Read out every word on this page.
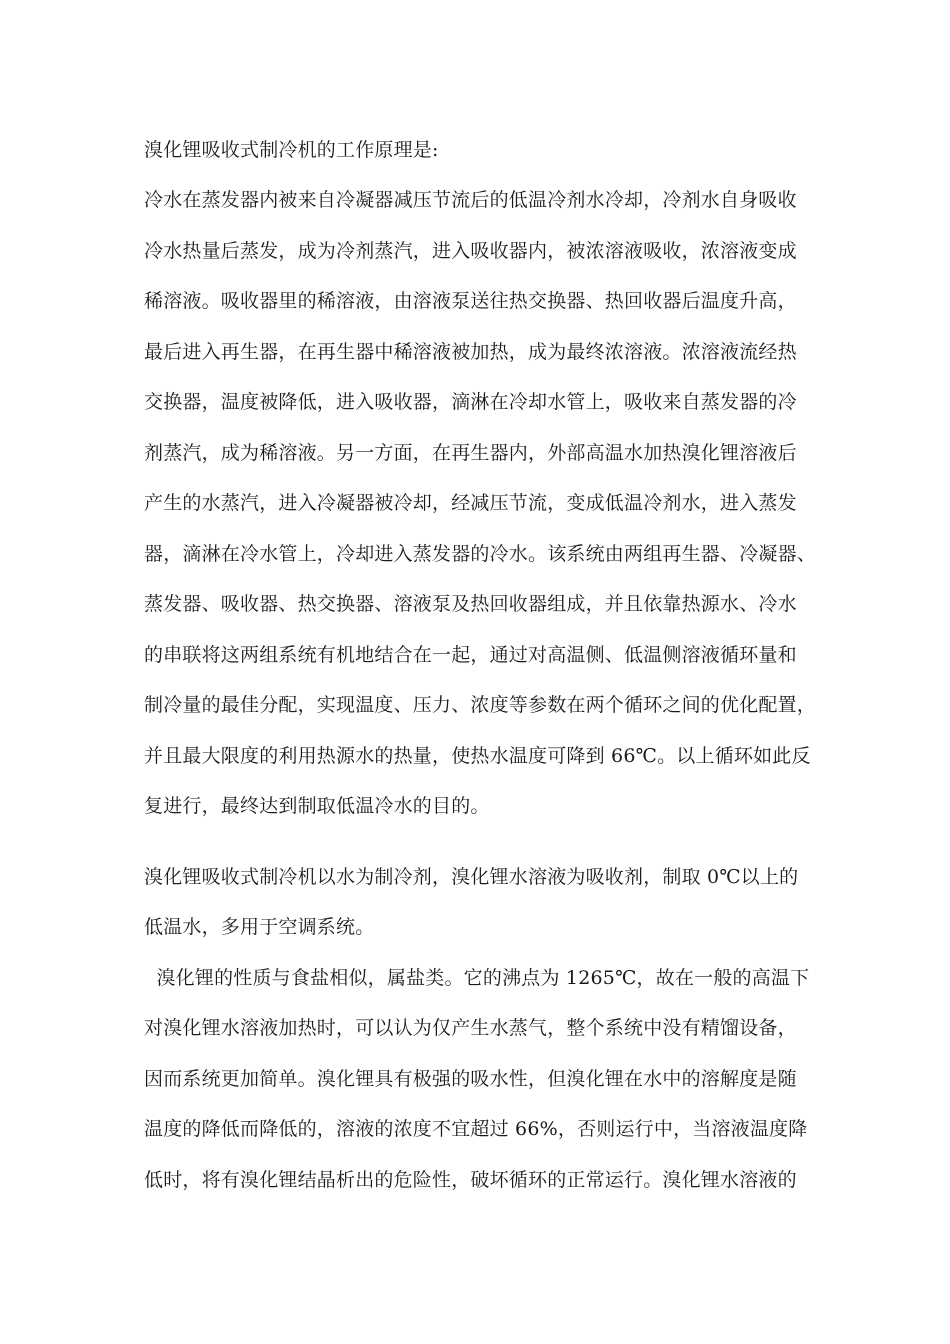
溴化锂吸收式制冷机的工作原理是:
冷水在蒸发器内被来自冷凝器减压节流后的低温冷剂水冷却，冷剂水自身吸收
冷水热量后蒸发，成为冷剂蒸汽，进入吸收器内，被浓溶液吸收，浓溶液变成
稀溶液。吸收器里的稀溶液，由溶液泵送往热交换器、热回收器后温度升高，
最后进入再生器，在再生器中稀溶液被加热，成为最终浓溶液。浓溶液流经热
交换器，温度被降低，进入吸收器，滴淋在冷却水管上，吸收来自蒸发器的冷
剂蒸汽，成为稀溶液。另一方面，在再生器内，外部高温水加热溴化锂溶液后
产生的水蒸汽，进入冷凝器被冷却，经减压节流，变成低温冷剂水，进入蒸发
器，滴淋在冷水管上，冷却进入蒸发器的冷水。该系统由两组再生器、冷凝器、
蒸发器、吸收器、热交换器、溶液泵及热回收器组成，并且依靠热源水、冷水
的串联将这两组系统有机地结合在一起，通过对高温侧、低温侧溶液循环量和
制冷量的最佳分配，实现温度、压力、浓度等参数在两个循环之间的优化配置，
并且最大限度的利用热源水的热量，使热水温度可降到 66℃。以上循环如此反
复进行，最终达到制取低温冷水的目的。
溴化锂吸收式制冷机以水为制冷剂，溴化锂水溶液为吸收剂，制取 0℃以上的
低温水，多用于空调系统。
溴化锂的性质与食盐相似，属盐类。它的沸点为 1265℃，故在一般的高温下
对溴化锂水溶液加热时，可以认为仅产生水蒸气，整个系统中没有精馏设备，
因而系统更加简单。溴化锂具有极强的吸水性，但溴化锂在水中的溶解度是随
温度的降低而降低的，溶液的浓度不宜超过 66%，否则运行中，当溶液温度降
低时，将有溴化锂结晶析出的危险性，破坏循环的正常运行。溴化锂水溶液的
